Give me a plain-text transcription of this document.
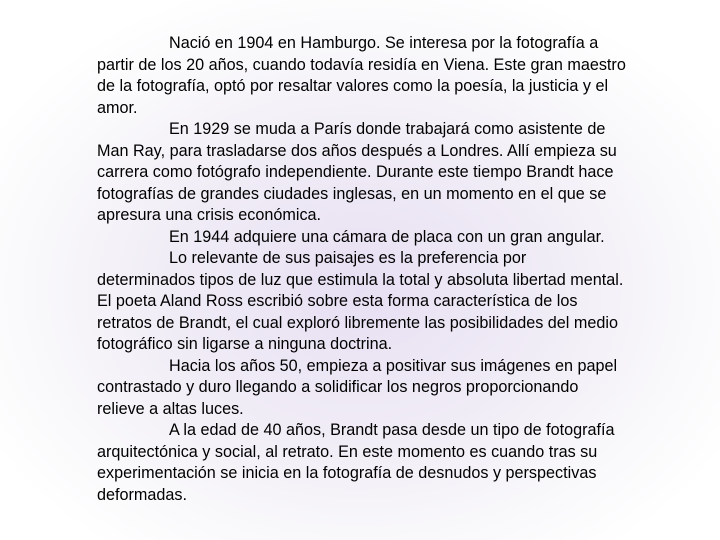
Nació en 1904 en Hamburgo. Se interesa por la fotografía a partir de los 20 años, cuando todavía residía en Viena. Este gran maestro de la fotografía, optó por resaltar valores como la poesía, la justicia y el amor.

En 1929 se muda a París donde trabajará como asistente de Man Ray, para trasladarse dos años después a Londres. Allí empieza su carrera como fotógrafo independiente. Durante este tiempo Brandt hace fotografías de grandes ciudades inglesas, en un momento en el que se apresura una crisis económica.

En 1944 adquiere una cámara de placa con un gran angular.

Lo relevante de sus paisajes es la preferencia por determinados tipos de luz que estimula la total y absoluta libertad mental. El poeta Aland Ross escribió sobre esta forma característica de los retratos de Brandt, el cual exploró libremente las posibilidades del medio fotográfico sin ligarse a ninguna doctrina.

Hacia los años 50, empieza a positivar sus imágenes en papel contrastado y duro llegando a solidificar los negros proporcionando relieve a altas luces.

A la edad de 40 años, Brandt pasa desde un tipo de fotografía arquitectónica y social, al retrato. En este momento es cuando tras su experimentación se inicia en la fotografía de desnudos y perspectivas deformadas.
